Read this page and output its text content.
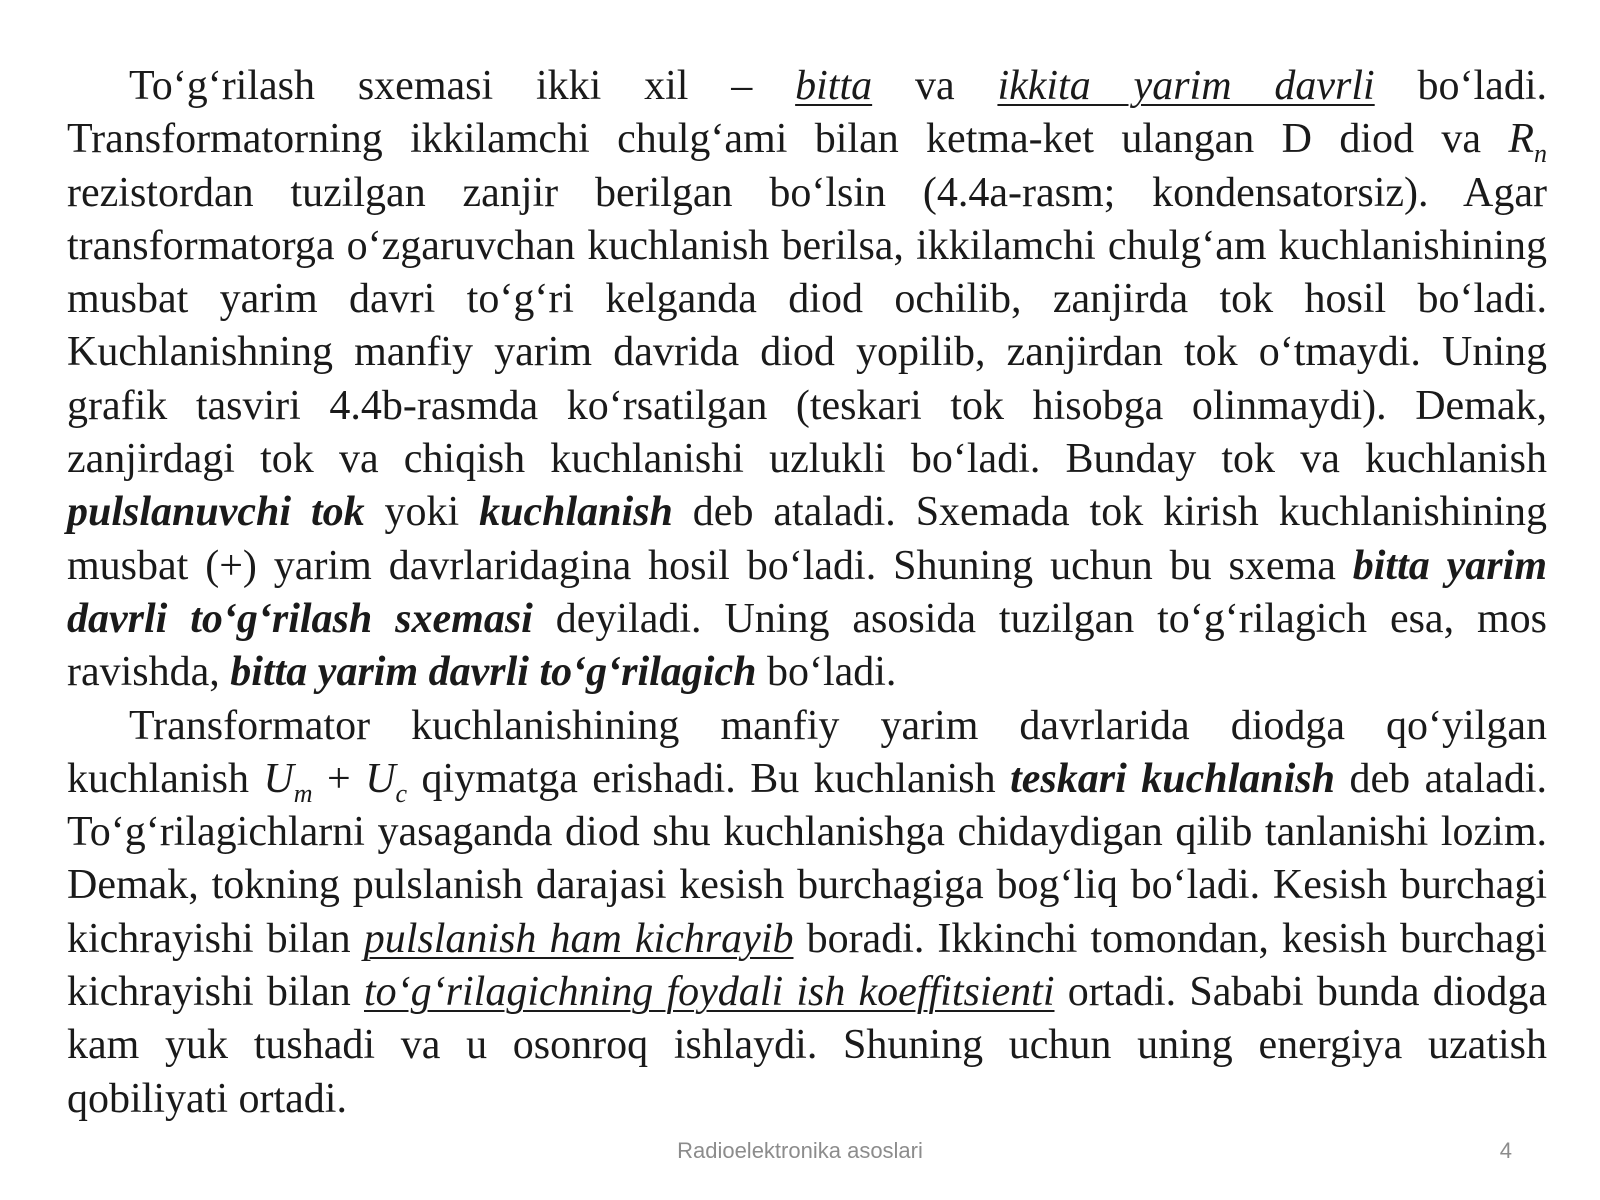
To‘g‘rilash sxemasi ikki xil – bitta va ikkita yarim davrli bo‘ladi. Transformatorning ikkilamchi chulg‘ami bilan ketma-ket ulangan D diod va $R_n$ rezistordan tuzilgan zanjir berilgan bo‘lsin (4.4a-rasm; kondensatorsiz). Agar transformatorga o‘zgaruvchan kuchlanish berilsa, ikkilamchi chulg‘am kuchlanishining musbat yarim davri to‘g‘ri kelganda diod ochilib, zanjirda tok hosil bo‘ladi. Kuchlanishning manfiy yarim davrida diod yopilib, zanjirdan tok o‘tmaydi. Uning grafik tasviri 4.4b-rasmda ko‘rsatilgan (teskari tok hisobga olinmaydi). Demak, zanjirdagi tok va chiqish kuchlanishi uzlukli bo‘ladi. Bunday tok va kuchlanish pulslanuvchi tok yoki kuchlanish deb ataladi. Sxemada tok kirish kuchlanishining musbat (+) yarim davrlaridagina hosil bo‘ladi. Shuning uchun bu sxema bitta yarim davrli to‘g‘rilash sxemasi deyiladi. Uning asosida tuzilgan to‘g‘rilagich esa, mos ravishda, bitta yarim davrli to‘g‘rilagich bo‘ladi.

Transformator kuchlanishining manfiy yarim davrlarida diodga qo‘yilgan kuchlanish $U_m + U_c$ qiymatga erishadi. Bu kuchlanish teskari kuchlanish deb ataladi. To‘g‘rilagichlarni yasaganda diod shu kuchlanishga chidaydigan qilib tanlanishi lozim. Demak, tokning pulslanish darajasi kesish burchagiga bog‘liq bo‘ladi. Kesish burchagi kichrayishi bilan pulslanish ham kichrayib boradi. Ikkinchi tomondan, kesish burchagi kichrayishi bilan to‘g‘rilagichning foydali ish koeffitsienti ortadi. Sababi bunda diodga kam yuk tushadi va u osonroq ishlaydi. Shuning uchun uning energiya uzatish qobiliyati ortadi.

Radioelektronika asoslari	4
